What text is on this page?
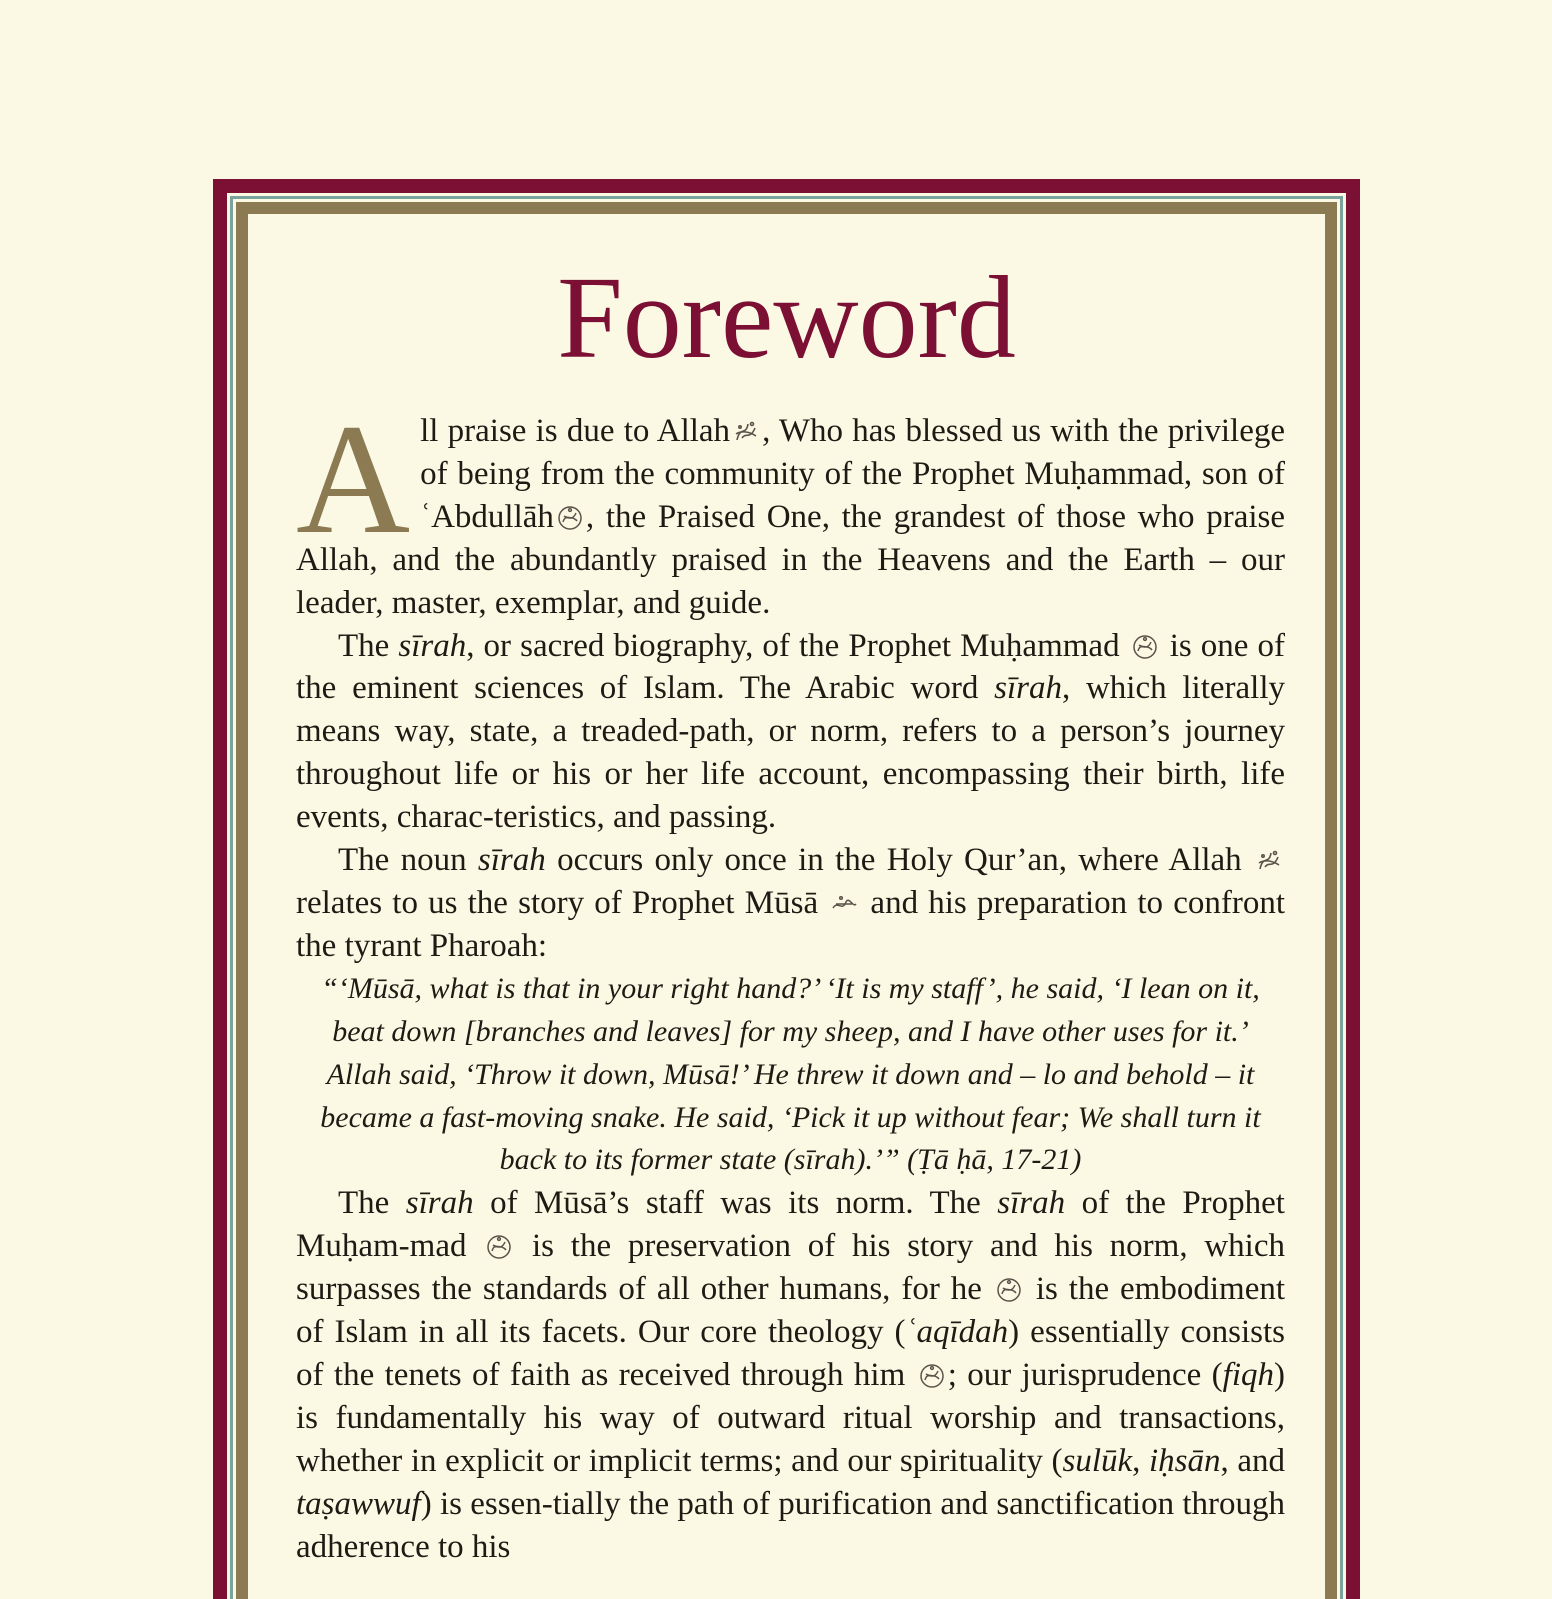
Foreword

All praise is due to Allah , Who has blessed us with the privilege of being from the community of the Prophet Muḥammad, son of ʿAbdullāh , the Praised One, the grandest of those who praise Allah, and the abundantly praised in the Heavens and the Earth – our leader, master, exemplar, and guide.

The sīrah, or sacred biography, of the Prophet Muḥammad  is one of the eminent sciences of Islam. The Arabic word sīrah, which literally means way, state, a treaded-path, or norm, refers to a person’s journey throughout life or his or her life account, encompassing their birth, life events, charac-teristics, and passing.

The noun sīrah occurs only once in the Holy Qur’an, where Allah  relates to us the story of Prophet Mūsā  and his preparation to confront the tyrant Pharoah:

“‘Mūsā, what is that in your right hand?’ ‘It is my staff’, he said, ‘I lean on it, beat down [branches and leaves] for my sheep, and I have other uses for it.’ Allah said, ‘Throw it down, Mūsā!’ He threw it down and – lo and behold – it became a fast-moving snake. He said, ‘Pick it up without fear; We shall turn it back to its former state (sīrah).’” (Ṭā ḥā, 17-21)

The sīrah of Mūsā’s staff was its norm. The sīrah of the Prophet Muḥam-mad  is the preservation of his story and his norm, which surpasses the standards of all other humans, for he  is the embodiment of Islam in all its facets. Our core theology (ʿaqīdah) essentially consists of the tenets of faith as received through him ; our jurisprudence (fiqh) is fundamentally his way of outward ritual worship and transactions, whether in explicit or implicit terms; and our spirituality (sulūk, iḥsān, and taṣawwuf) is essen-tially the path of purification and sanctification through adherence to his
